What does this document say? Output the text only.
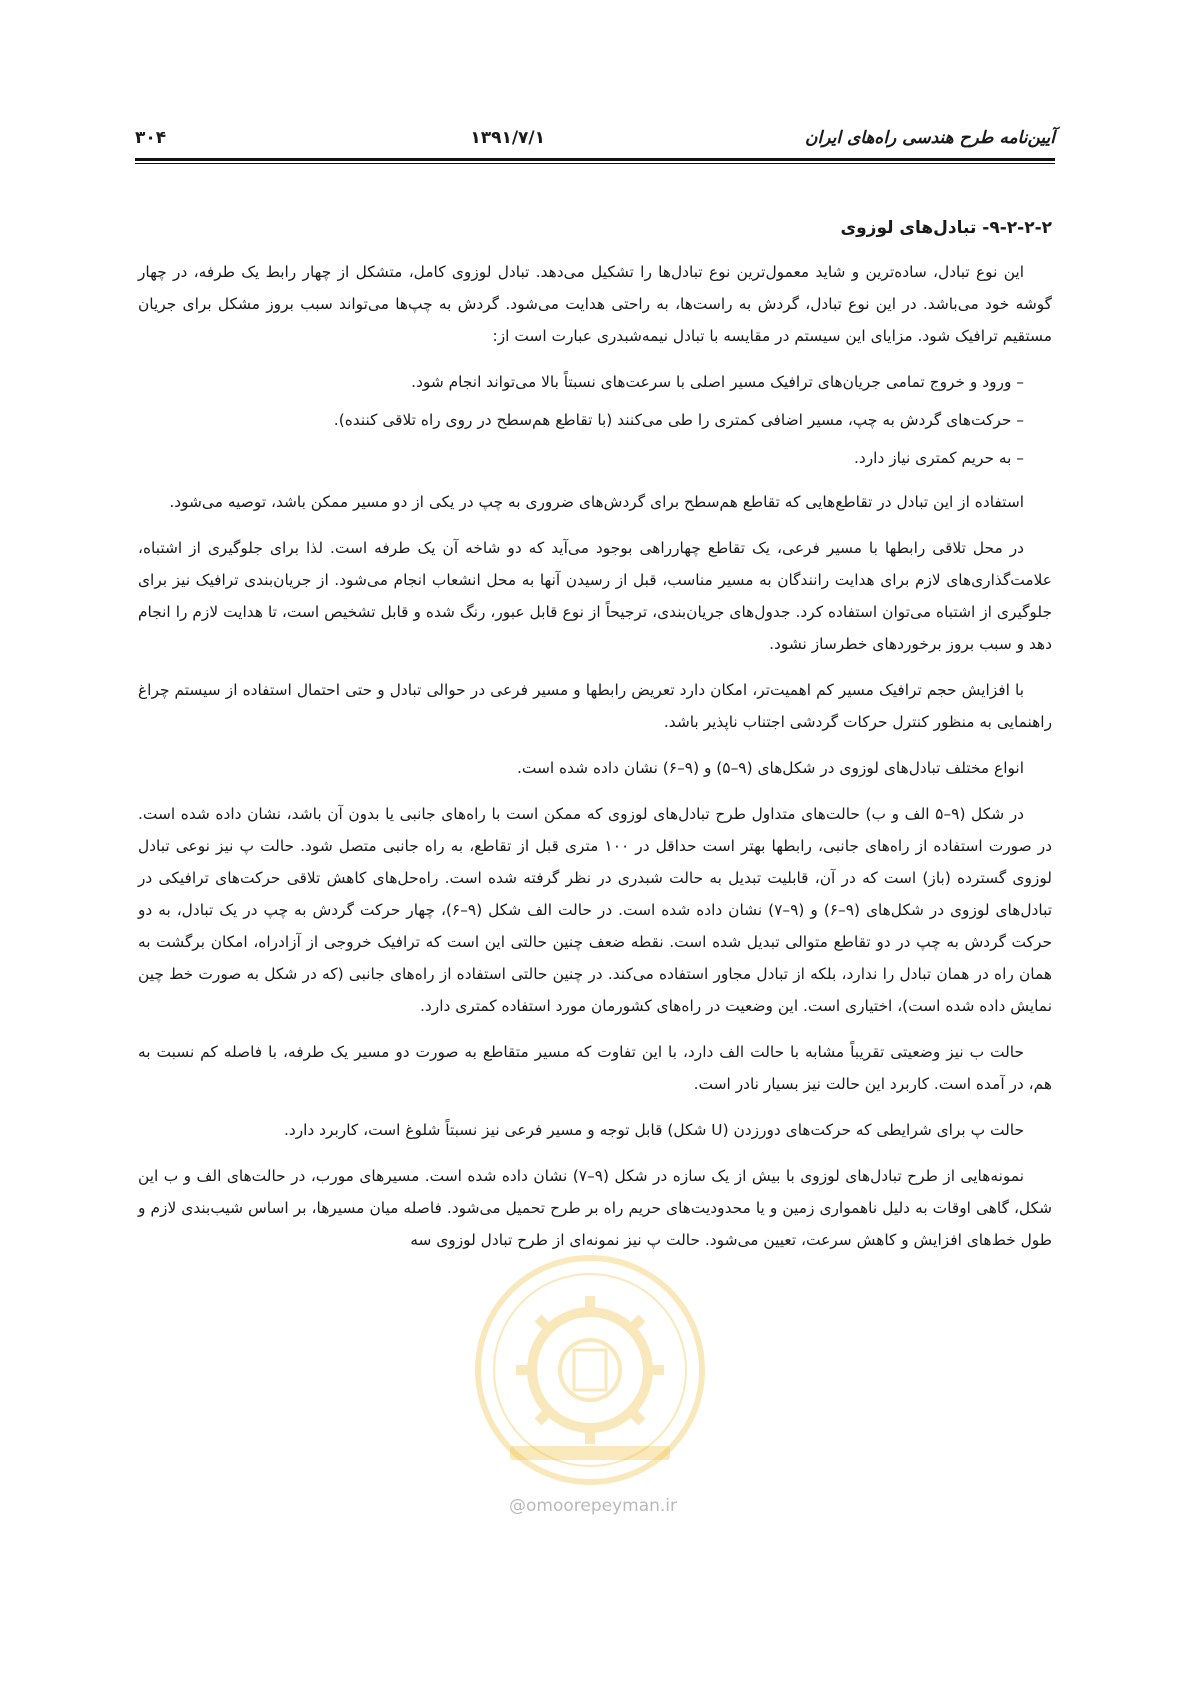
آیین‌نامه طرح هندسی راه‌های ایران
۱۳۹۱/۷/۱
۳۰۴
۹-۲-۲-۲- تبادل‌های لوزوی

این نوع تبادل، ساده‌ترین و شاید معمول‌ترین نوع تبادل‌ها را تشکیل می‌دهد. تبادل لوزوی کامل، متشکل از چهار رابط یک طرفه، در چهار گوشه خود می‌باشد. در این نوع تبادل، گردش به راست‌ها، به راحتی هدایت می‌شود. گردش به چپ‌ها می‌تواند سبب بروز مشکل برای جریان مستقیم ترافیک شود. مزایای این سیستم در مقایسه با تبادل نیمه‌شبدری عبارت است از:

– ورود و خروج تمامی جریان‌های ترافیک مسیر اصلی با سرعت‌های نسبتاً بالا می‌تواند انجام شود.

– حرکت‌های گردش به چپ، مسیر اضافی کمتری را طی می‌کنند (با تقاطع هم‌سطح در روی راه تلاقی کننده).

– به حریم کمتری نیاز دارد.

استفاده از این تبادل در تقاطع‌هایی که تقاطع هم‌سطح برای گردش‌های ضروری به چپ در یکی از دو مسیر ممکن باشد، توصیه می‌شود.

در محل تلاقی رابطها با مسیر فرعی، یک تقاطع چهارراهی بوجود می‌آید که دو شاخه آن یک طرفه است. لذا برای جلوگیری از اشتباه، علامت‌گذاری‌های لازم برای هدایت رانندگان به مسیر مناسب، قبل از رسیدن آنها به محل انشعاب انجام می‌شود. از جریان‌بندی ترافیک نیز برای جلوگیری از اشتباه می‌توان استفاده کرد. جدول‌های جریان‌بندی، ترجیحاً از نوع قابل عبور، رنگ شده و قابل تشخیص است، تا هدایت لازم را انجام دهد و سبب بروز برخوردهای خطرساز نشود.

با افزایش حجم ترافیک مسیر کم اهمیت‌تر، امکان دارد تعریض رابطها و مسیر فرعی در حوالی تبادل و حتی احتمال استفاده از سیستم چراغ راهنمایی به منظور کنترل حرکات گردشی اجتناب ناپذیر باشد.

انواع مختلف تبادل‌های لوزوی در شکل‌های (۹–۵) و (۹–۶) نشان داده شده است.

در شکل (۹–۵ الف و ب) حالت‌های متداول طرح تبادل‌های لوزوی که ممکن است با راه‌های جانبی یا بدون آن باشد، نشان داده شده است. در صورت استفاده از راه‌های جانبی، رابطها بهتر است حداقل در ۱۰۰ متری قبل از تقاطع، به راه جانبی متصل شود. حالت پ نیز نوعی تبادل لوزوی گسترده (باز) است که در آن، قابلیت تبدیل به حالت شبدری در نظر گرفته شده است. راه‌حل‌های کاهش تلاقی حرکت‌های ترافیکی در تبادل‌های لوزوی در شکل‌های (۹–۶) و (۹–۷) نشان داده شده است. در حالت الف شکل (۹–۶)، چهار حرکت گردش به چپ در یک تبادل، به دو حرکت گردش به چپ در دو تقاطع متوالی تبدیل شده است. نقطه ضعف چنین حالتی این است که ترافیک خروجی از آزادراه، امکان برگشت به همان راه در همان تبادل را ندارد، بلکه از تبادل مجاور استفاده می‌کند. در چنین حالتی استفاده از راه‌های جانبی (که در شکل به صورت خط چین نمایش داده شده است)، اختیاری است. این وضعیت در راه‌های کشورمان مورد استفاده کمتری دارد.

حالت ب نیز وضعیتی تقریباً مشابه با حالت الف دارد، با این تفاوت که مسیر متقاطع به صورت دو مسیر یک طرفه، با فاصله کم نسبت به هم، در آمده است. کاربرد این حالت نیز بسیار نادر است.

حالت پ برای شرایطی که حرکت‌های دورزدن (U شکل) قابل توجه و مسیر فرعی نیز نسبتاً شلوغ است، کاربرد دارد.

نمونه‌هایی از طرح تبادل‌های لوزوی با بیش از یک سازه در شکل (۹–۷) نشان داده شده است. مسیرهای مورب، در حالت‌های الف و ب این شکل، گاهی اوقات به دلیل ناهمواری زمین و یا محدودیت‌های حریم راه بر طرح تحمیل می‌شود. فاصله میان مسیرها، بر اساس شیب‌بندی لازم و طول خط‌های افزایش و کاهش سرعت، تعیین می‌شود. حالت پ نیز نمونه‌ای از طرح تبادل لوزوی سه

@omoorepeyman.ir
